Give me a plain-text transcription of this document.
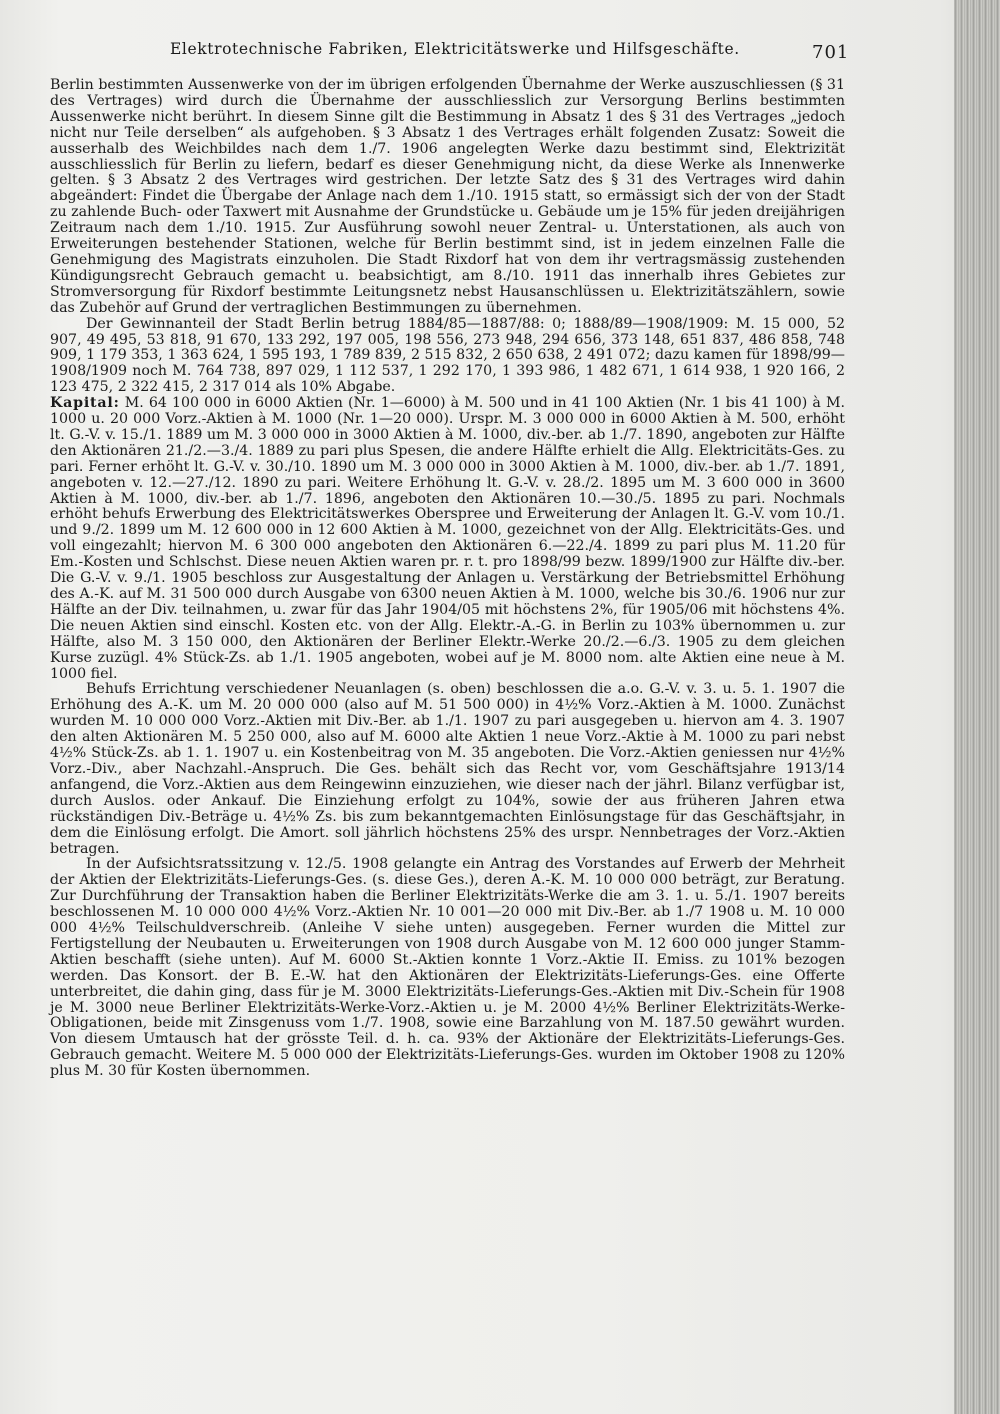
Elektrotechnische Fabriken, Elektricitätswerke und Hilfsgeschäfte.	701

Berlin bestimmten Aussenwerke von der im übrigen erfolgenden Übernahme der Werke auszuschliessen (§ 31 des Vertrages) wird durch die Übernahme der ausschliesslich zur Versorgung Berlins bestimmten Aussenwerke nicht berührt. In diesem Sinne gilt die Bestimmung in Absatz 1 des § 31 des Vertrages „jedoch nicht nur Teile derselben“ als aufgehoben. § 3 Absatz 1 des Vertrages erhält folgenden Zusatz: Soweit die ausserhalb des Weichbildes nach dem 1./7. 1906 angelegten Werke dazu bestimmt sind, Elektrizität ausschliesslich für Berlin zu liefern, bedarf es dieser Genehmigung nicht, da diese Werke als Innenwerke gelten. § 3 Absatz 2 des Vertrages wird gestrichen. Der letzte Satz des § 31 des Vertrages wird dahin abgeändert: Findet die Übergabe der Anlage nach dem 1./10. 1915 statt, so ermässigt sich der von der Stadt zu zahlende Buch- oder Taxwert mit Ausnahme der Grundstücke u. Gebäude um je 15% für jeden dreijährigen Zeitraum nach dem 1./10. 1915. Zur Ausführung sowohl neuer Zentral- u. Unterstationen, als auch von Erweiterungen bestehender Stationen, welche für Berlin bestimmt sind, ist in jedem einzelnen Falle die Genehmigung des Magistrats einzuholen. Die Stadt Rixdorf hat von dem ihr vertragsmässig zustehenden Kündigungsrecht Gebrauch gemacht u. beabsichtigt, am 8./10. 1911 das innerhalb ihres Gebietes zur Stromversorgung für Rixdorf bestimmte Leitungsnetz nebst Hausanschlüssen u. Elektrizitätszählern, sowie das Zubehör auf Grund der vertraglichen Bestimmungen zu übernehmen.

Der Gewinnanteil der Stadt Berlin betrug 1884/85—1887/88: 0; 1888/89—1908/1909: M. 15 000, 52 907, 49 495, 53 818, 91 670, 133 292, 197 005, 198 556, 273 948, 294 656, 373 148, 651 837, 486 858, 748 909, 1 179 353, 1 363 624, 1 595 193, 1 789 839, 2 515 832, 2 650 638, 2 491 072; dazu kamen für 1898/99—1908/1909 noch M. 764 738, 897 029, 1 112 537, 1 292 170, 1 393 986, 1 482 671, 1 614 938, 1 920 166, 2 123 475, 2 322 415, 2 317 014 als 10% Abgabe.

Kapital: M. 64 100 000 in 6000 Aktien (Nr. 1—6000) à M. 500 und in 41 100 Aktien (Nr. 1 bis 41 100) à M. 1000 u. 20 000 Vorz.-Aktien à M. 1000 (Nr. 1—20 000). Urspr. M. 3 000 000 in 6000 Aktien à M. 500, erhöht lt. G.-V. v. 15./1. 1889 um M. 3 000 000 in 3000 Aktien à M. 1000, div.-ber. ab 1./7. 1890, angeboten zur Hälfte den Aktionären 21./2.—3./4. 1889 zu pari plus Spesen, die andere Hälfte erhielt die Allg. Elektricitäts-Ges. zu pari. Ferner erhöht lt. G.-V. v. 30./10. 1890 um M. 3 000 000 in 3000 Aktien à M. 1000, div.-ber. ab 1./7. 1891, angeboten v. 12.—27./12. 1890 zu pari. Weitere Erhöhung lt. G.-V. v. 28./2. 1895 um M. 3 600 000 in 3600 Aktien à M. 1000, div.-ber. ab 1./7. 1896, angeboten den Aktionären 10.—30./5. 1895 zu pari. Nochmals erhöht behufs Erwerbung des Elektricitätswerkes Oberspree und Erweiterung der Anlagen lt. G.-V. vom 10./1. und 9./2. 1899 um M. 12 600 000 in 12 600 Aktien à M. 1000, gezeichnet von der Allg. Elektricitäts-Ges. und voll eingezahlt; hiervon M. 6 300 000 angeboten den Aktionären 6.—22./4. 1899 zu pari plus M. 11.20 für Em.-Kosten und Schlschst. Diese neuen Aktien waren pr. r. t. pro 1898/99 bezw. 1899/1900 zur Hälfte div.-ber. Die G.-V. v. 9./1. 1905 beschloss zur Ausgestaltung der Anlagen u. Verstärkung der Betriebsmittel Erhöhung des A.-K. auf M. 31 500 000 durch Ausgabe von 6300 neuen Aktien à M. 1000, welche bis 30./6. 1906 nur zur Hälfte an der Div. teilnahmen, u. zwar für das Jahr 1904/05 mit höchstens 2%, für 1905/06 mit höchstens 4%. Die neuen Aktien sind einschl. Kosten etc. von der Allg. Elektr.-A.-G. in Berlin zu 103% übernommen u. zur Hälfte, also M. 3 150 000, den Aktionären der Berliner Elektr.-Werke 20./2.—6./3. 1905 zu dem gleichen Kurse zuzügl. 4% Stück-Zs. ab 1./1. 1905 angeboten, wobei auf je M. 8000 nom. alte Aktien eine neue à M. 1000 fiel.

Behufs Errichtung verschiedener Neuanlagen (s. oben) beschlossen die a.o. G.-V. v. 3. u. 5. 1. 1907 die Erhöhung des A.-K. um M. 20 000 000 (also auf M. 51 500 000) in 4½% Vorz.-Aktien à M. 1000. Zunächst wurden M. 10 000 000 Vorz.-Aktien mit Div.-Ber. ab 1./1. 1907 zu pari ausgegeben u. hiervon am 4. 3. 1907 den alten Aktionären M. 5 250 000, also auf M. 6000 alte Aktien 1 neue Vorz.-Aktie à M. 1000 zu pari nebst 4½% Stück-Zs. ab 1. 1. 1907 u. ein Kostenbeitrag von M. 35 angeboten. Die Vorz.-Aktien geniessen nur 4½% Vorz.-Div., aber Nachzahl.-Anspruch. Die Ges. behält sich das Recht vor, vom Geschäftsjahre 1913/14 anfangend, die Vorz.-Aktien aus dem Reingewinn einzuziehen, wie dieser nach der jährl. Bilanz verfügbar ist, durch Auslos. oder Ankauf. Die Einziehung erfolgt zu 104%, sowie der aus früheren Jahren etwa rückständigen Div.-Beträge u. 4½% Zs. bis zum bekanntgemachten Einlösungstage für das Geschäftsjahr, in dem die Einlösung erfolgt. Die Amort. soll jährlich höchstens 25% des urspr. Nennbetrages der Vorz.-Aktien betragen.

In der Aufsichtsratssitzung v. 12./5. 1908 gelangte ein Antrag des Vorstandes auf Erwerb der Mehrheit der Aktien der Elektrizitäts-Lieferungs-Ges. (s. diese Ges.), deren A.-K. M. 10 000 000 beträgt, zur Beratung. Zur Durchführung der Transaktion haben die Berliner Elektrizitäts-Werke die am 3. 1. u. 5./1. 1907 bereits beschlossenen M. 10 000 000 4½% Vorz.-Aktien Nr. 10 001—20 000 mit Div.-Ber. ab 1./7 1908 u. M. 10 000 000 4½% Teilschuldverschreib. (Anleihe V siehe unten) ausgegeben. Ferner wurden die Mittel zur Fertigstellung der Neubauten u. Erweiterungen von 1908 durch Ausgabe von M. 12 600 000 junger Stamm-Aktien beschafft (siehe unten). Auf M. 6000 St.-Aktien konnte 1 Vorz.-Aktie II. Emiss. zu 101% bezogen werden. Das Konsort. der B. E.-W. hat den Aktionären der Elektrizitäts-Lieferungs-Ges. eine Offerte unterbreitet, die dahin ging, dass für je M. 3000 Elektrizitäts-Lieferungs-Ges.-Aktien mit Div.-Schein für 1908 je M. 3000 neue Berliner Elektrizitäts-Werke-Vorz.-Aktien u. je M. 2000 4½% Berliner Elektrizitäts-Werke-Obligationen, beide mit Zinsgenuss vom 1./7. 1908, sowie eine Barzahlung von M. 187.50 gewährt wurden. Von diesem Umtausch hat der grösste Teil. d. h. ca. 93% der Aktionäre der Elektrizitäts-Lieferungs-Ges. Gebrauch gemacht. Weitere M. 5 000 000 der Elektrizitäts-Lieferungs-Ges. wurden im Oktober 1908 zu 120% plus M. 30 für Kosten übernommen.
